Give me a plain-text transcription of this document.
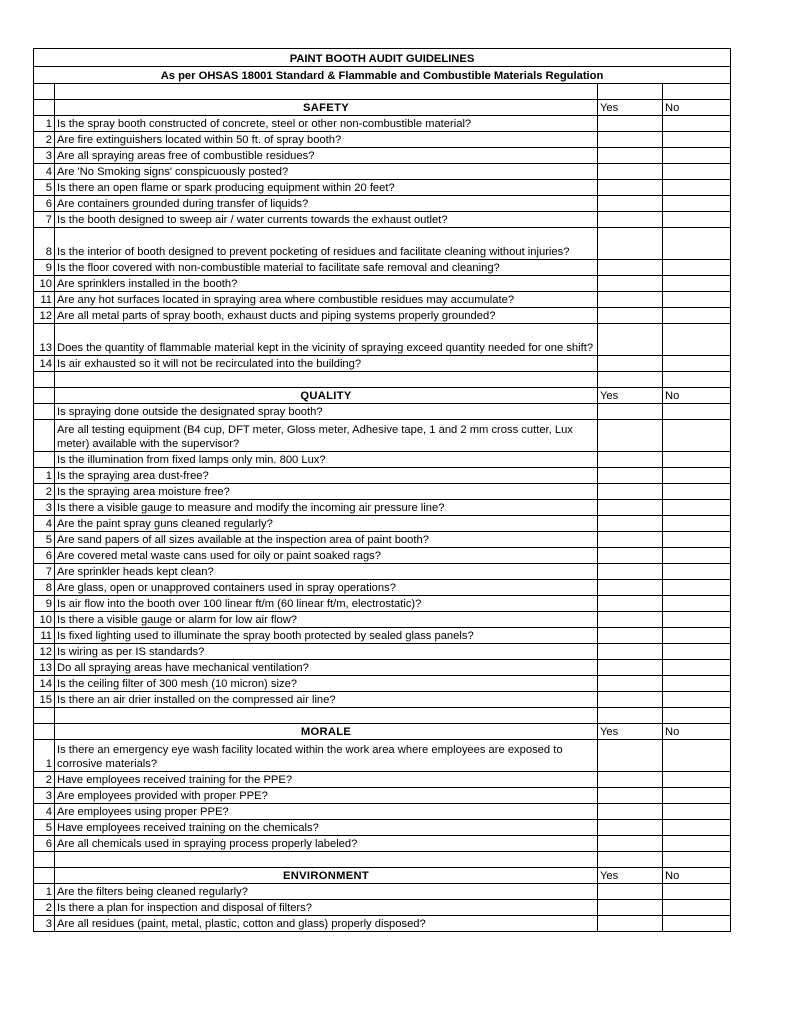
PAINT BOOTH AUDIT GUIDELINES			
As per OHSAS 18001 Standard & Flammable and Combustible Materials Regulation			

	SAFETY	Yes	No
1	Is the spray booth constructed of concrete, steel or other non-combustible material?		
2	Are fire extinguishers located within 50 ft. of spray booth?		
3	Are all spraying areas free of combustible residues?		
4	Are 'No Smoking signs' conspicuously posted?		
5	Is there an open flame or spark producing equipment within 20 feet?		
6	Are containers grounded during transfer of liquids?		
7	Is the booth designed to sweep air / water currents towards the exhaust outlet?		
8	Is the interior of booth designed to prevent pocketing of residues and facilitate cleaning without injuries?		
9	Is the floor covered with non-combustible material to facilitate safe removal and cleaning?		
10	Are sprinklers installed in the booth?		
11	Are any hot surfaces located in spraying area where combustible residues may accumulate?		
12	Are all metal parts of spray booth, exhaust ducts and piping systems properly grounded?		
13	Does the quantity of flammable material kept in the vicinity of spraying exceed quantity needed for one shift?		
14	Is air exhausted so it will not be recirculated into the building?		

	QUALITY	Yes	No
	Is spraying done outside the designated spray booth?		
	Are all testing equipment (B4 cup, DFT meter, Gloss meter, Adhesive tape, 1 and 2 mm cross cutter, Lux meter) available with the supervisor?		
	Is the illumination from fixed lamps only min. 800 Lux?		
1	Is the spraying area dust-free?		
2	Is the spraying area moisture free?		
3	Is there a visible gauge to measure and modify the incoming air pressure line?		
4	Are the paint spray guns cleaned regularly?		
5	Are sand papers of all sizes available at the inspection area of paint booth?		
6	Are covered metal waste cans used for oily or paint soaked rags?		
7	Are sprinkler heads kept clean?		
8	Are glass, open or unapproved containers used in spray operations?		
9	Is air flow into the booth over 100 linear ft/m (60 linear ft/m, electrostatic)?		
10	Is there a visible gauge or alarm for low air flow?		
11	Is fixed lighting used to illuminate the spray booth protected by sealed glass panels?		
12	Is wiring as per IS standards?		
13	Do all spraying areas have mechanical ventilation?		
14	Is the ceiling filter of 300 mesh (10 micron) size?		
15	Is there an air drier installed on the compressed air line?		

	MORALE	Yes	No
1	Is there an emergency eye wash facility located within the work area where employees are exposed to corrosive materials?		
2	Have employees received training for the PPE?		
3	Are employees provided with proper PPE?		
4	Are employees using proper PPE?		
5	Have employees received training on the chemicals?		
6	Are all chemicals used in spraying process properly labeled?		

	ENVIRONMENT	Yes	No
1	Are the filters being cleaned regularly?		
2	Is there a plan for inspection and disposal of filters?		
3	Are all residues (paint, metal, plastic, cotton and glass) properly disposed?		
